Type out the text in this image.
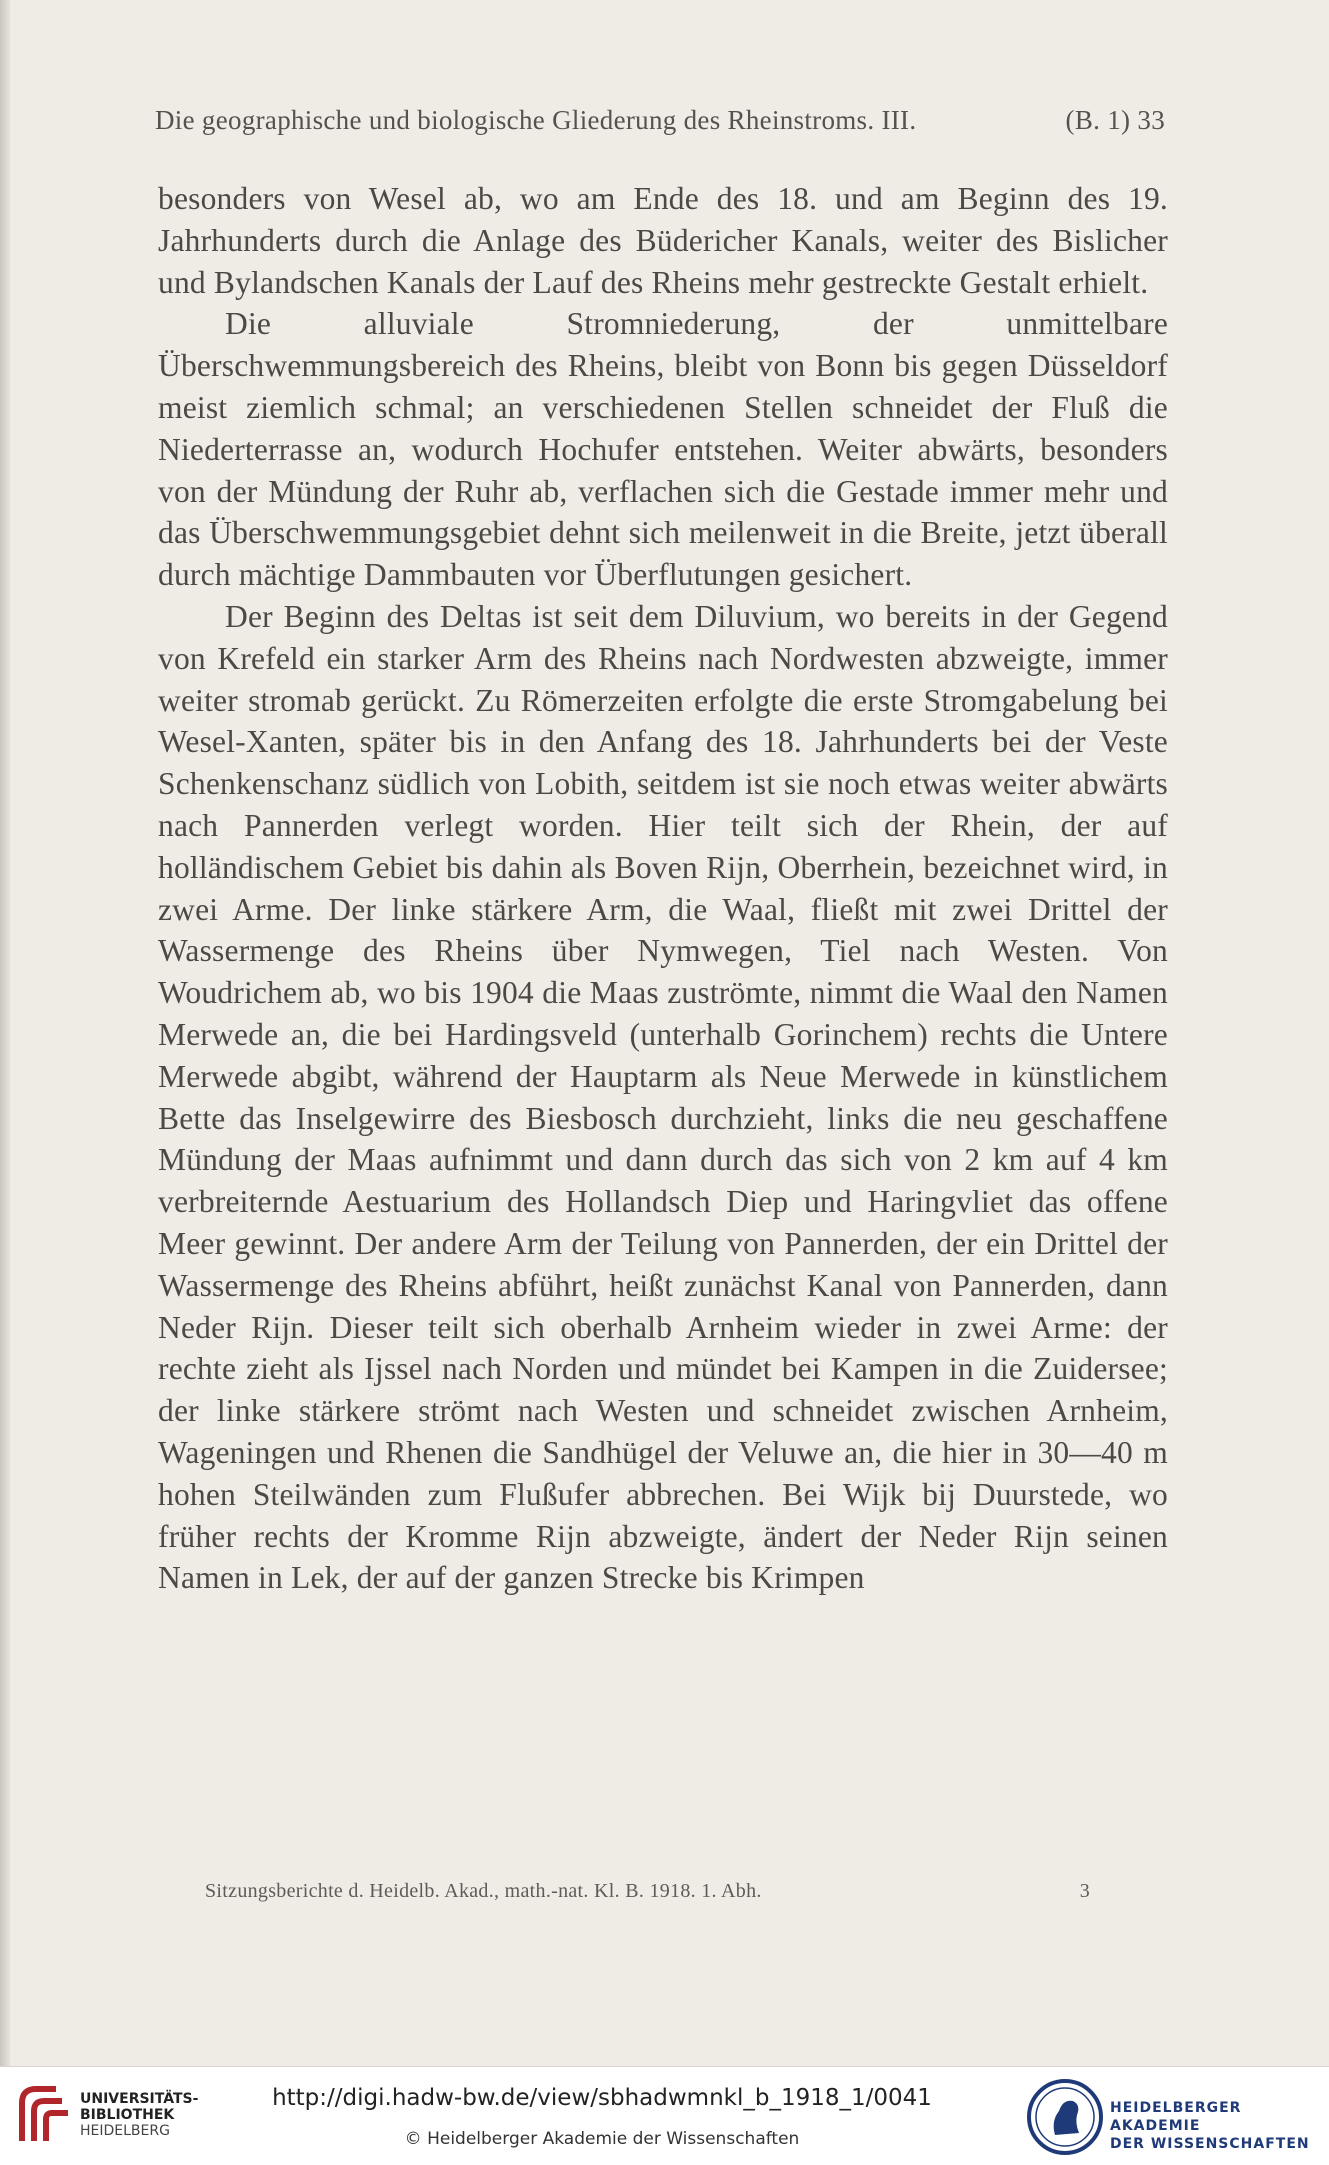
Die geographische und biologische Gliederung des Rheinstroms. III.	(B. 1) 33

besonders von Wesel ab, wo am Ende des 18. und am Beginn des 19. Jahrhunderts durch die Anlage des Büdericher Kanals, weiter des Bislicher und Bylandschen Kanals der Lauf des Rheins mehr gestreckte Gestalt erhielt.

Die alluviale Stromniederung, der unmittelbare Überschwemmungsbereich des Rheins, bleibt von Bonn bis gegen Düsseldorf meist ziemlich schmal; an verschiedenen Stellen schneidet der Fluß die Niederterrasse an, wodurch Hochufer entstehen. Weiter abwärts, besonders von der Mündung der Ruhr ab, verflachen sich die Gestade immer mehr und das Überschwemmungsgebiet dehnt sich meilenweit in die Breite, jetzt überall durch mächtige Dammbauten vor Überflutungen gesichert.

Der Beginn des Deltas ist seit dem Diluvium, wo bereits in der Gegend von Krefeld ein starker Arm des Rheins nach Nordwesten abzweigte, immer weiter stromab gerückt. Zu Römerzeiten erfolgte die erste Stromgabelung bei Wesel-Xanten, später bis in den Anfang des 18. Jahrhunderts bei der Veste Schenkenschanz südlich von Lobith, seitdem ist sie noch etwas weiter abwärts nach Pannerden verlegt worden. Hier teilt sich der Rhein, der auf holländischem Gebiet bis dahin als Boven Rijn, Oberrhein, bezeichnet wird, in zwei Arme. Der linke stärkere Arm, die Waal, fließt mit zwei Drittel der Wassermenge des Rheins über Nymwegen, Tiel nach Westen. Von Woudrichem ab, wo bis 1904 die Maas zuströmte, nimmt die Waal den Namen Merwede an, die bei Hardingsveld (unterhalb Gorinchem) rechts die Untere Merwede abgibt, während der Hauptarm als Neue Merwede in künstlichem Bette das Inselgewirre des Biesbosch durchzieht, links die neu geschaffene Mündung der Maas aufnimmt und dann durch das sich von 2 km auf 4 km verbreiternde Aestuarium des Hollandsch Diep und Haringvliet das offene Meer gewinnt. Der andere Arm der Teilung von Pannerden, der ein Drittel der Wassermenge des Rheins abführt, heißt zunächst Kanal von Pannerden, dann Neder Rijn. Dieser teilt sich oberhalb Arnheim wieder in zwei Arme: der rechte zieht als Ijssel nach Norden und mündet bei Kampen in die Zuidersee; der linke stärkere strömt nach Westen und schneidet zwischen Arnheim, Wageningen und Rhenen die Sandhügel der Veluwe an, die hier in 30—40 m hohen Steilwänden zum Flußufer abbrechen. Bei Wijk bij Duurstede, wo früher rechts der Kromme Rijn abzweigte, ändert der Neder Rijn seinen Namen in Lek, der auf der ganzen Strecke bis Krimpen

Sitzungsberichte d. Heidelb. Akad., math.-nat. Kl. B. 1918. 1. Abh.	3
UNIVERSITÄTS-
BIBLIOTHEK
HEIDELBERG
http://digi.hadw-bw.de/view/sbhadwmnkl_b_1918_1/0041
© Heidelberger Akademie der Wissenschaften
HEIDELBERGER AKADEMIE
DER WISSENSCHAFTEN
